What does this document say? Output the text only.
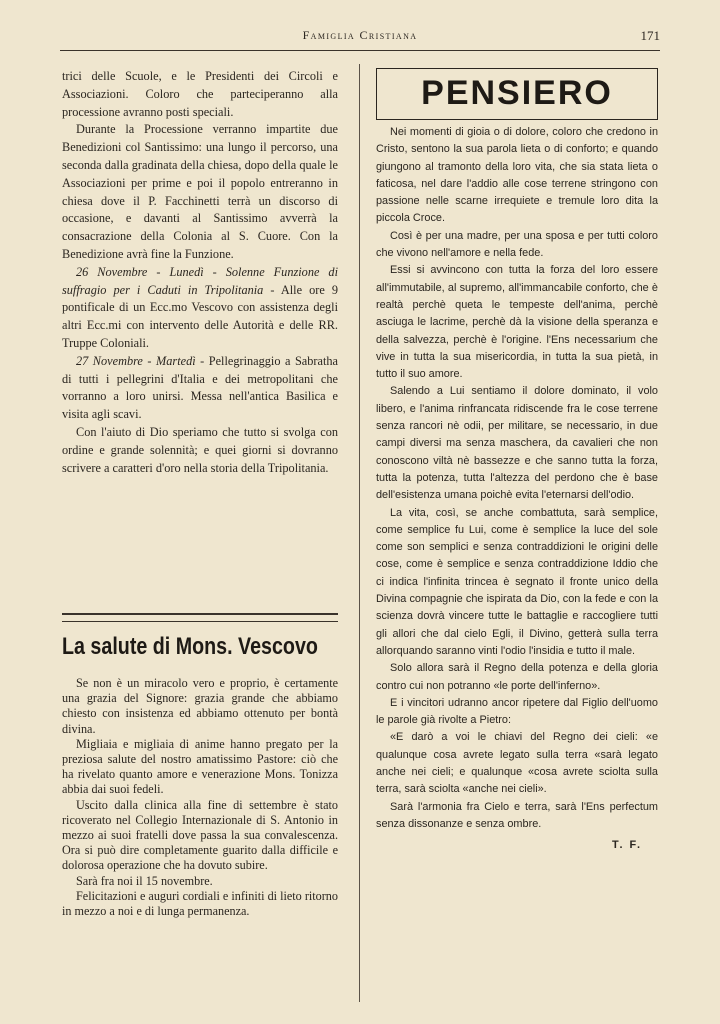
Famiglia Cristiana	171

trici delle Scuole, e le Presidenti dei Circoli e Associazioni. Coloro che parteciperanno alla processione avranno posti speciali.

Durante la Processione verranno impartite due Benedizioni col Santissimo: una lungo il percorso, una seconda dalla gradinata della chiesa, dopo della quale le Associazioni per prime e poi il popolo entreranno in chiesa dove il P. Facchinetti terrà un discorso di occasione, e davanti al Santissimo avverrà la consacrazione della Colonia al S. Cuore. Con la Benedizione avrà fine la Funzione.

26 Novembre - Lunedì - Solenne Funzione di suffragio per i Caduti in Tripolitania - Alle ore 9 pontificale di un Ecc.mo Vescovo con assistenza degli altri Ecc.mi con intervento delle Autorità e delle RR. Truppe Coloniali.

27 Novembre - Martedì - Pellegrinaggio a Sabratha di tutti i pellegrini d'Italia e dei metropolitani che vorranno a loro unirsi. Messa nell'antica Basilica e visita agli scavi.

Con l'aiuto di Dio speriamo che tutto si svolga con ordine e grande solennità; e quei giorni si dovranno scrivere a caratteri d'oro nella storia della Tripolitania.

La salute di Mons. Vescovo

Se non è un miracolo vero e proprio, è certamente una grazia del Signore: grazia grande che abbiamo chiesto con insistenza ed abbiamo ottenuto per bontà divina.

Migliaia e migliaia di anime hanno pregato per la preziosa salute del nostro amatissimo Pastore: ciò che ha rivelato quanto amore e venerazione Mons. Tonizza abbia dai suoi fedeli.

Uscito dalla clinica alla fine di settembre è stato ricoverato nel Collegio Internazionale di S. Antonio in mezzo ai suoi fratelli dove passa la sua convalescenza. Ora si può dire completamente guarito dalla difficile e dolorosa operazione che ha dovuto subire.

Sarà fra noi il 15 novembre.

Felicitazioni e auguri cordiali e infiniti di lieto ritorno in mezzo a noi e di lunga permanenza.

PENSIERO

Nei momenti di gioia o di dolore, coloro che credono in Cristo, sentono la sua parola lieta o di conforto; e quando giungono al tramonto della loro vita, che sia stata lieta o faticosa, nel dare l'addio alle cose terrene stringono con passione nelle scarne irrequiete e tremule loro dita la piccola Croce.

Così è per una madre, per una sposa e per tutti coloro che vivono nell'amore e nella fede.

Essi si avvincono con tutta la forza del loro essere all'immutabile, al supremo, all'immancabile conforto, che è realtà perchè queta le tempeste dell'anima, perchè asciuga le lacrime, perchè dà la visione della speranza e della salvezza, perchè è l'origine. l'Ens necessarium che vive in tutta la sua misericordia, in tutta la sua pietà, in tutto il suo amore.

Salendo a Lui sentiamo il dolore dominato, il volo libero, e l'anima rinfrancata ridiscende fra le cose terrene senza rancori nè odii, per militare, se necessario, in due campi diversi ma senza maschera, da cavalieri che non conoscono viltà nè bassezze e che sanno tutta la forza, tutta la potenza, tutta l'altezza del perdono che è base dell'esistenza umana poichè evita l'eternarsi dell'odio.

La vita, così, se anche combattuta, sarà semplice, come semplice fu Lui, come è semplice la luce del sole come son semplici e senza contraddizioni le origini delle cose, come è semplice e senza contraddizione Iddio che ci indica l'infinita trincea è segnato il fronte unico della Divina compagnie che ispirata da Dio, con la fede e con la scienza dovrà vincere tutte le battaglie e raccogliere tutti gli allori che dal cielo Egli, il Divino, getterà sulla terra allorquando saranno vinti l'odio l'insidia e tutto il male.

Solo allora sarà il Regno della potenza e della gloria contro cui non potranno «le porte dell'inferno».

E i vincitori udranno ancor ripetere dal Figlio dell'uomo le parole già rivolte a Pietro:

«E darò a voi le chiavi del Regno dei cieli: «e qualunque cosa avrete legato sulla terra «sarà legato anche nei cieli; e qualunque «cosa avrete sciolta sulla terra, sarà sciolta «anche nei cieli».

Sarà l'armonia fra Cielo e terra, sarà l'Ens perfectum senza dissonanze e senza ombre.

T. F.
